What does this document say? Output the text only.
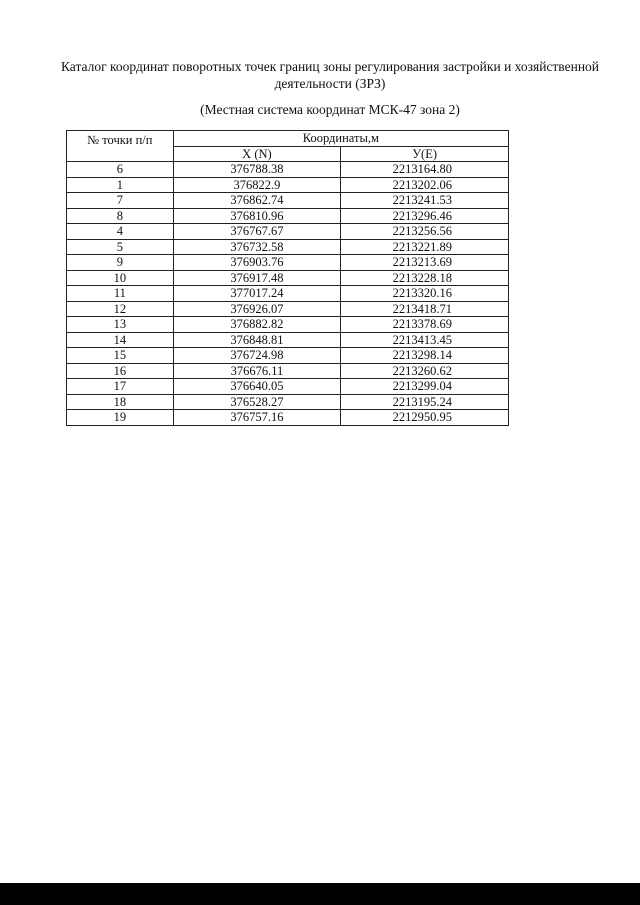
Каталог координат поворотных точек границ зоны регулирования застройки и хозяйственной деятельности (ЗРЗ)
(Местная система координат МСК-47 зона 2)
№ точки п/п	Координаты,м	
	X (N)	У(E)
6	376788.38	2213164.80
1	376822.9	2213202.06
7	376862.74	2213241.53
8	376810.96	2213296.46
4	376767.67	2213256.56
5	376732.58	2213221.89
9	376903.76	2213213.69
10	376917.48	2213228.18
11	377017.24	2213320.16
12	376926.07	2213418.71
13	376882.82	2213378.69
14	376848.81	2213413.45
15	376724.98	2213298.14
16	376676.11	2213260.62
17	376640.05	2213299.04
18	376528.27	2213195.24
19	376757.16	2212950.95
